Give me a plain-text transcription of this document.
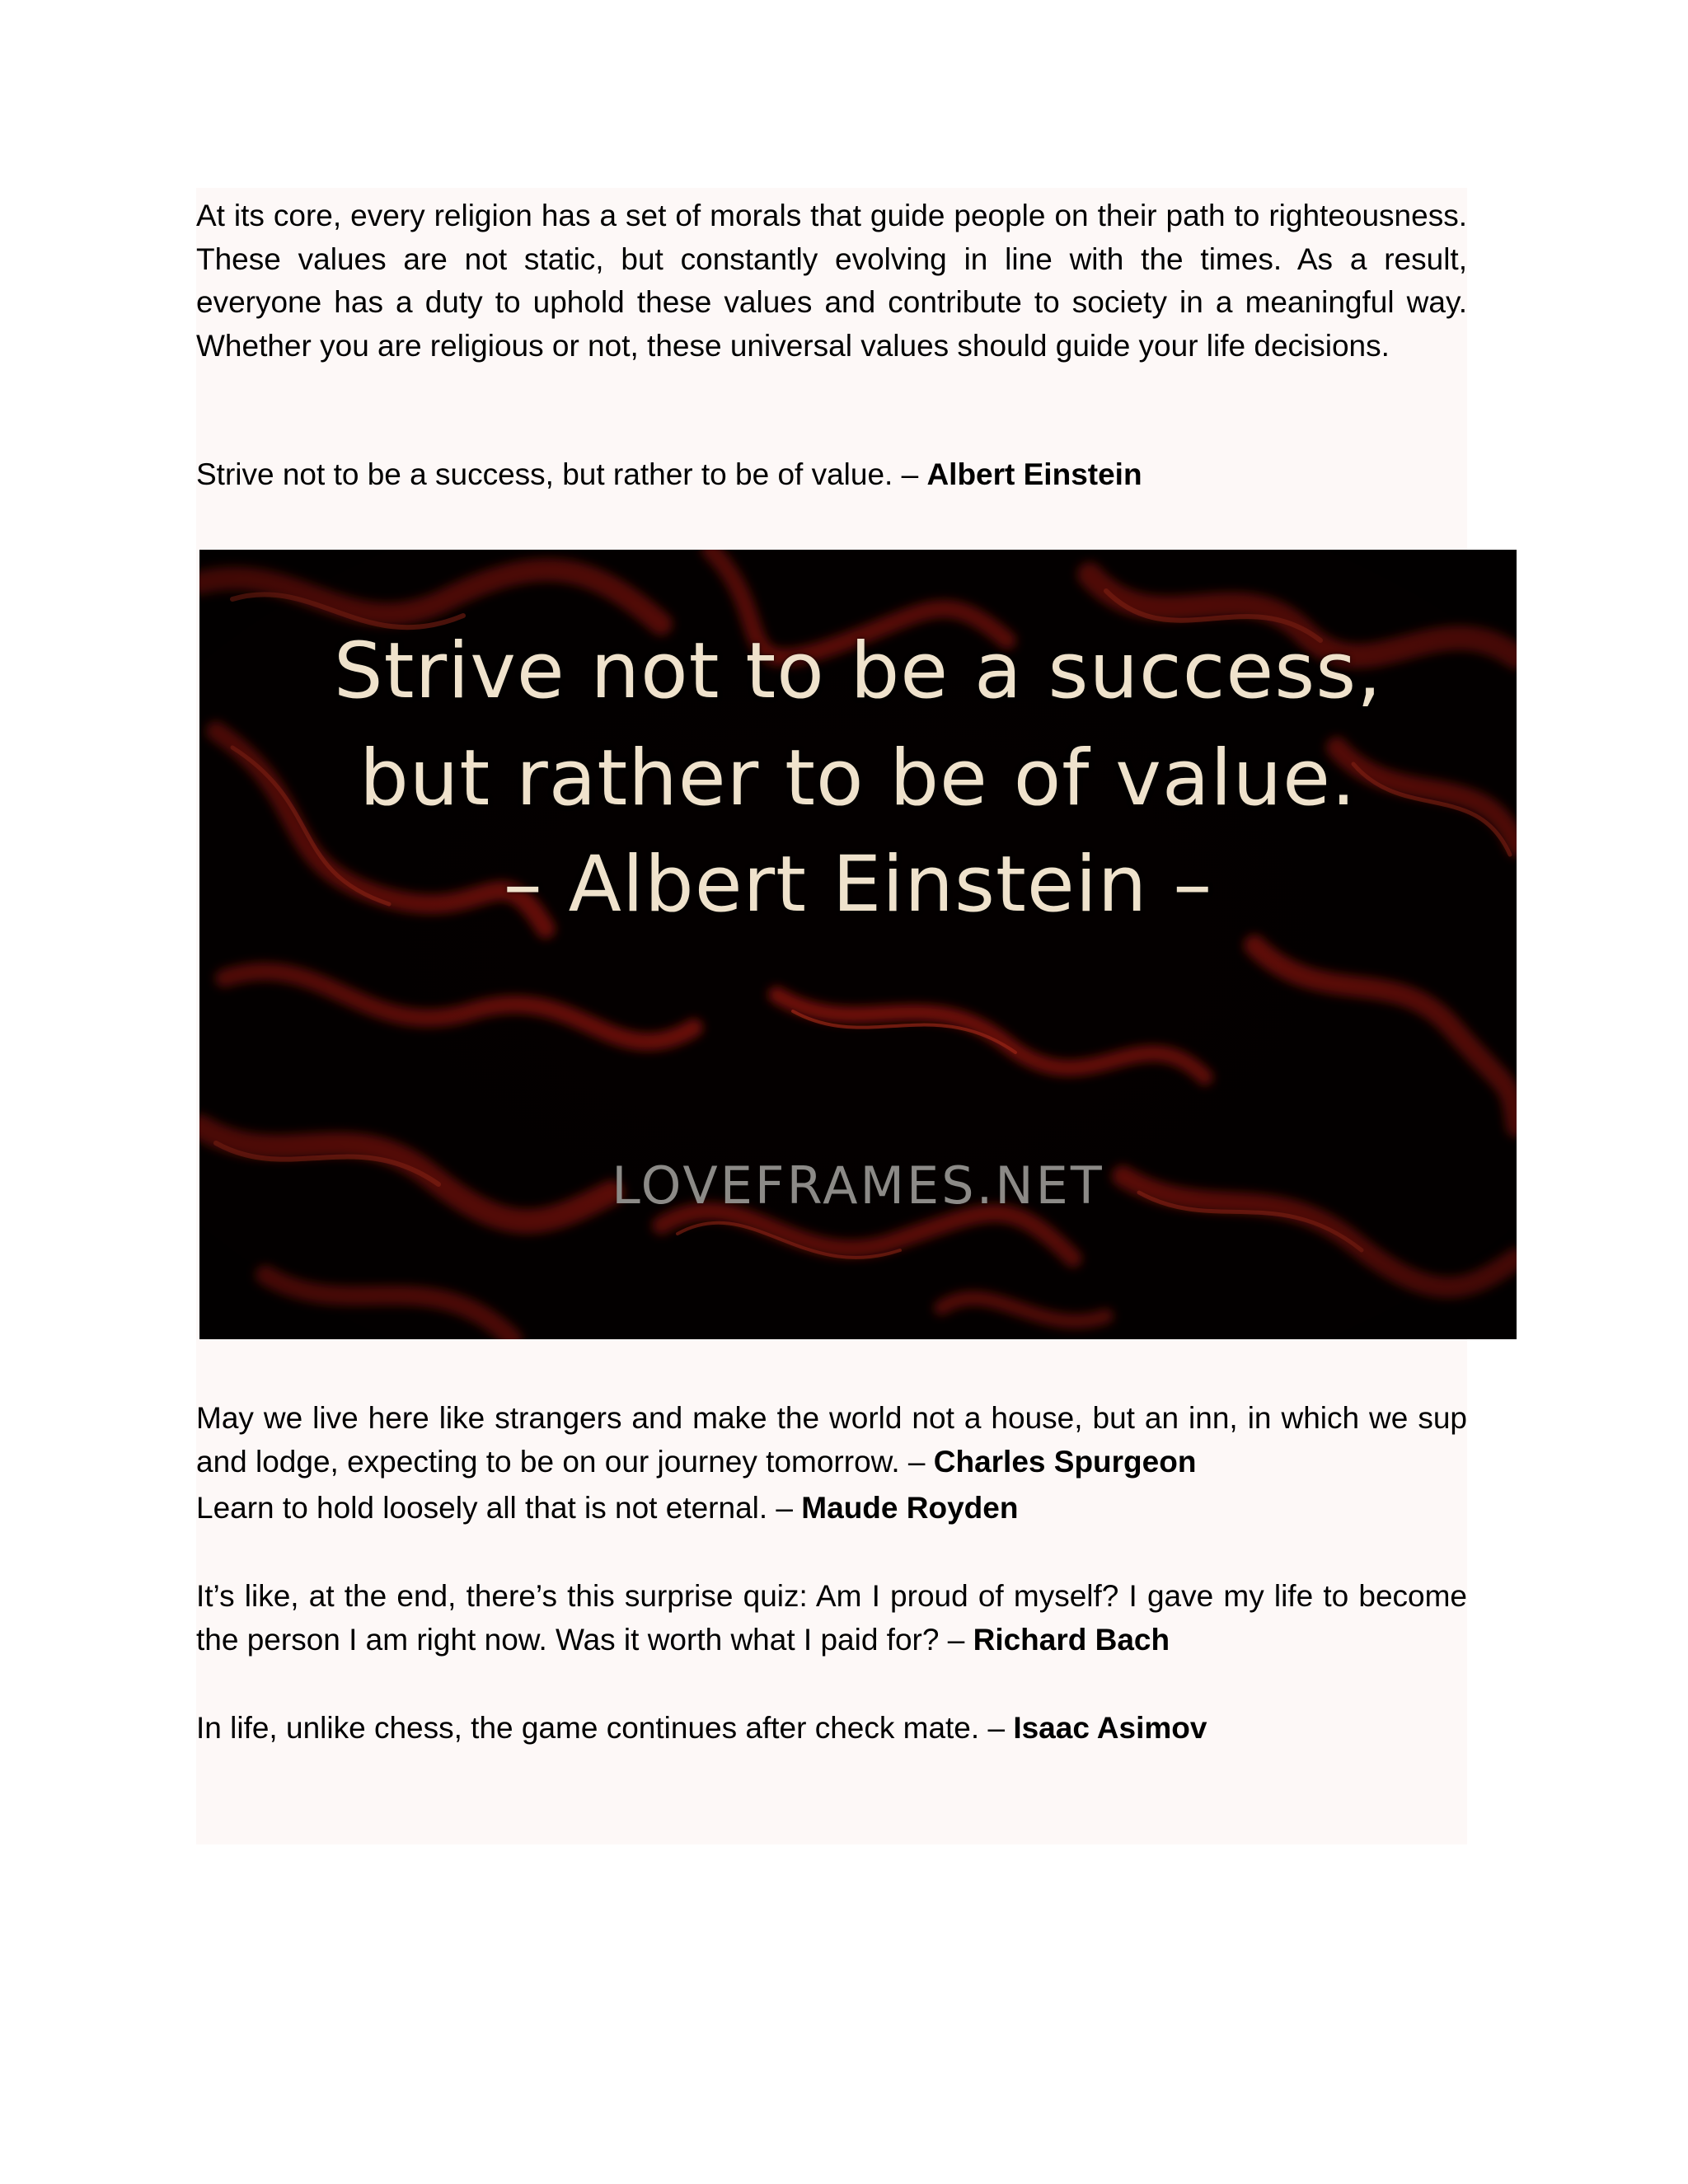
At its core, every religion has a set of morals that guide people on their path to righteousness. These values are not static, but constantly evolving in line with the times. As a result, everyone has a duty to uphold these values and contribute to society in a meaningful way. Whether you are religious or not, these universal values should guide your life decisions.

Strive not to be a success, but rather to be of value. – Albert Einstein

Strive not to be a success,
but rather to be of value.
– Albert Einstein –
LOVEFRAMES.NET

May we live here like strangers and make the world not a house, but an inn, in which we sup and lodge, expecting to be on our journey tomorrow. – Charles Spurgeon

Learn to hold loosely all that is not eternal. – Maude Royden

It’s like, at the end, there’s this surprise quiz: Am I proud of myself? I gave my life to become the person I am right now. Was it worth what I paid for? – Richard Bach

In life, unlike chess, the game continues after check mate. – Isaac Asimov
